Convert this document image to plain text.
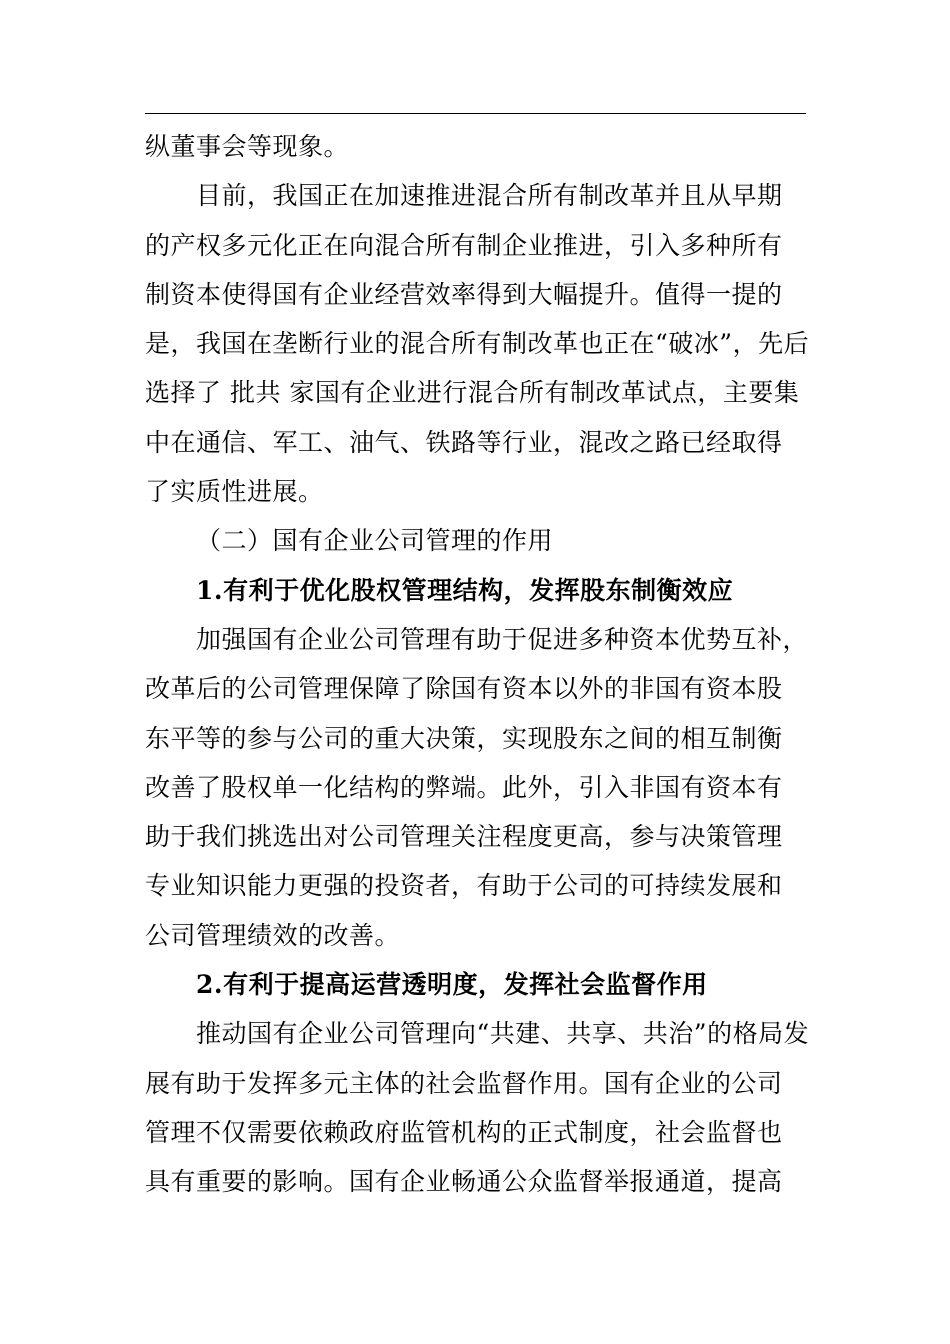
纵董事会等现象。
目前，我国正在加速推进混合所有制改革并且从早期
的产权多元化正在向混合所有制企业推进，引入多种所有
制资本使得国有企业经营效率得到大幅提升。值得一提的
是，我国在垄断行业的混合所有制改革也正在“破冰”，先后
选择了 批共 家国有企业进行混合所有制改革试点，主要集
中在通信、军工、油气、铁路等行业，混改之路已经取得
了实质性进展。
（二）国有企业公司管理的作用
1.有利于优化股权管理结构，发挥股东制衡效应
加强国有企业公司管理有助于促进多种资本优势互补，
改革后的公司管理保障了除国有资本以外的非国有资本股
东平等的参与公司的重大决策，实现股东之间的相互制衡
改善了股权单一化结构的弊端。此外，引入非国有资本有
助于我们挑选出对公司管理关注程度更高，参与决策管理
专业知识能力更强的投资者，有助于公司的可持续发展和
公司管理绩效的改善。
2.有利于提高运营透明度，发挥社会监督作用
推动国有企业公司管理向“共建、共享、共治”的格局发
展有助于发挥多元主体的社会监督作用。国有企业的公司
管理不仅需要依赖政府监管机构的正式制度，社会监督也
具有重要的影响。国有企业畅通公众监督举报通道，提高
